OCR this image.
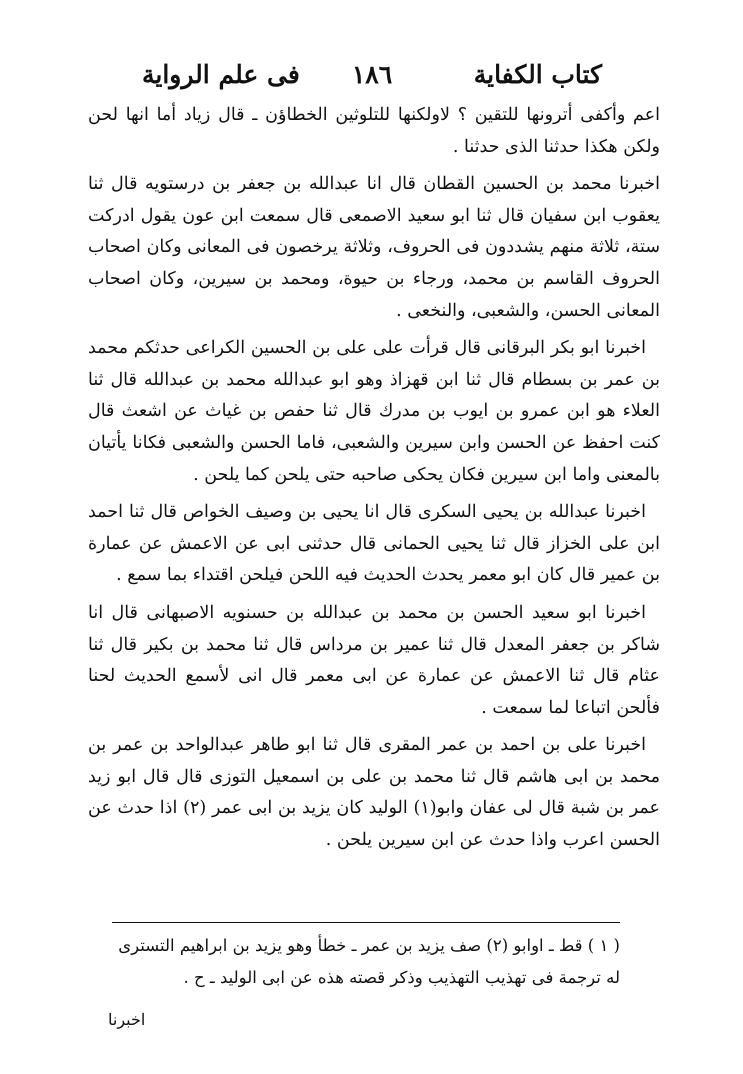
كتاب الكفاية
١٨٦
فى علم الرواية

اعم وأكفى أترونها للتقين ؟ لاولكنها للتلوثين الخطاؤن ـ قال زياد أما انها لحن ولكن هكذا حدثنا الذى حدثنا .

اخبرنا محمد بن الحسين القطان قال انا عبدالله بن جعفر بن درستويه قال ثنا يعقوب ابن سفيان قال ثنا ابو سعيد الاصمعى قال سمعت ابن عون يقول ادركت ستة، ثلاثة منهم يشددون فى الحروف، وثلاثة يرخصون فى المعانى وكان اصحاب الحروف القاسم بن محمد، ورجاء بن حيوة، ومحمد بن سيرين، وكان اصحاب المعانى الحسن، والشعبى، والنخعى .

اخبرنا ابو بكر البرقانى قال قرأت على على بن الحسين الكراعى حدثكم محمد بن عمر بن بسطام قال ثنا ابن قهزاذ وهو ابو عبدالله محمد بن عبدالله قال ثنا العلاء هو ابن عمرو بن ايوب بن مدرك قال ثنا حفص بن غياث عن اشعث قال كنت احفظ عن الحسن وابن سيرين والشعبى، فاما الحسن والشعبى فكانا يأتيان بالمعنى واما ابن سيرين فكان يحكى صاحبه حتى يلحن كما يلحن .

اخبرنا عبدالله بن يحيى السكرى قال انا يحيى بن وصيف الخواص قال ثنا احمد ابن على الخزاز قال ثنا يحيى الحمانى قال حدثنى ابى عن الاعمش عن عمارة بن عمير قال كان ابو معمر يحدث الحديث فيه اللحن فيلحن اقتداء بما سمع .

اخبرنا ابو سعيد الحسن بن محمد بن عبدالله بن حسنويه الاصبهانى قال انا شاكر بن جعفر المعدل قال ثنا عمير بن مرداس قال ثنا محمد بن بكير قال ثنا عثام قال ثنا الاعمش عن عمارة عن ابى معمر قال انى لأسمع الحديث لحنا فألحن اتباعا لما سمعت .

اخبرنا على بن احمد بن عمر المقرى قال ثنا ابو طاهر عبدالواحد بن عمر بن محمد بن ابى هاشم قال ثنا محمد بن على بن اسمعيل التوزى قال قال ابو زيد عمر بن شبة قال لى عفان وابو(١) الوليد كان يزيد بن ابى عمر (٢) اذا حدث عن الحسن اعرب واذا حدث عن ابن سيرين يلحن .

( ١ ) قط ـ اوابو (٢) صف يزيد بن عمر ـ خطأ وهو يزيد بن ابراهيم التسترى له ترجمة فى تهذيب التهذيب وذكر قصته هذه عن ابى الوليد ـ ح .
اخبرنا
